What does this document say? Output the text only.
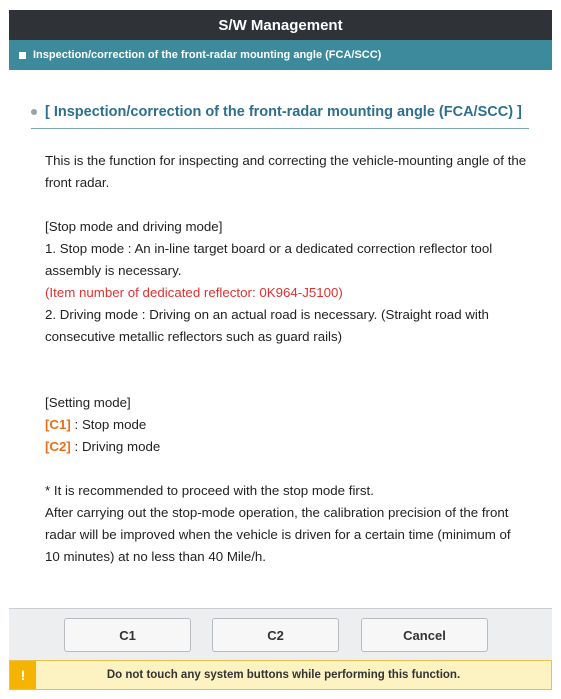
S/W Management
Inspection/correction of the front-radar mounting angle (FCA/SCC)
[ Inspection/correction of the front-radar mounting angle (FCA/SCC) ]

This is the function for inspecting and correcting the vehicle-mounting angle of the front radar.

[Stop mode and driving mode]

1. Stop mode : An in-line target board or a dedicated correction reflector tool assembly is necessary.

(Item number of dedicated reflector: 0K964-J5100)

2. Driving mode : Driving on an actual road is necessary. (Straight road with consecutive metallic reflectors such as guard rails)

[Setting mode]

[C1] : Stop mode

[C2] : Driving mode

* It is recommended to proceed with the stop mode first.

After carrying out the stop-mode operation, the calibration precision of the front radar will be improved when the vehicle is driven for a certain time (minimum of 10 minutes) at no less than 40 Mile/h.

C1	C2	Cancel
!	Do not touch any system buttons while performing this function.
